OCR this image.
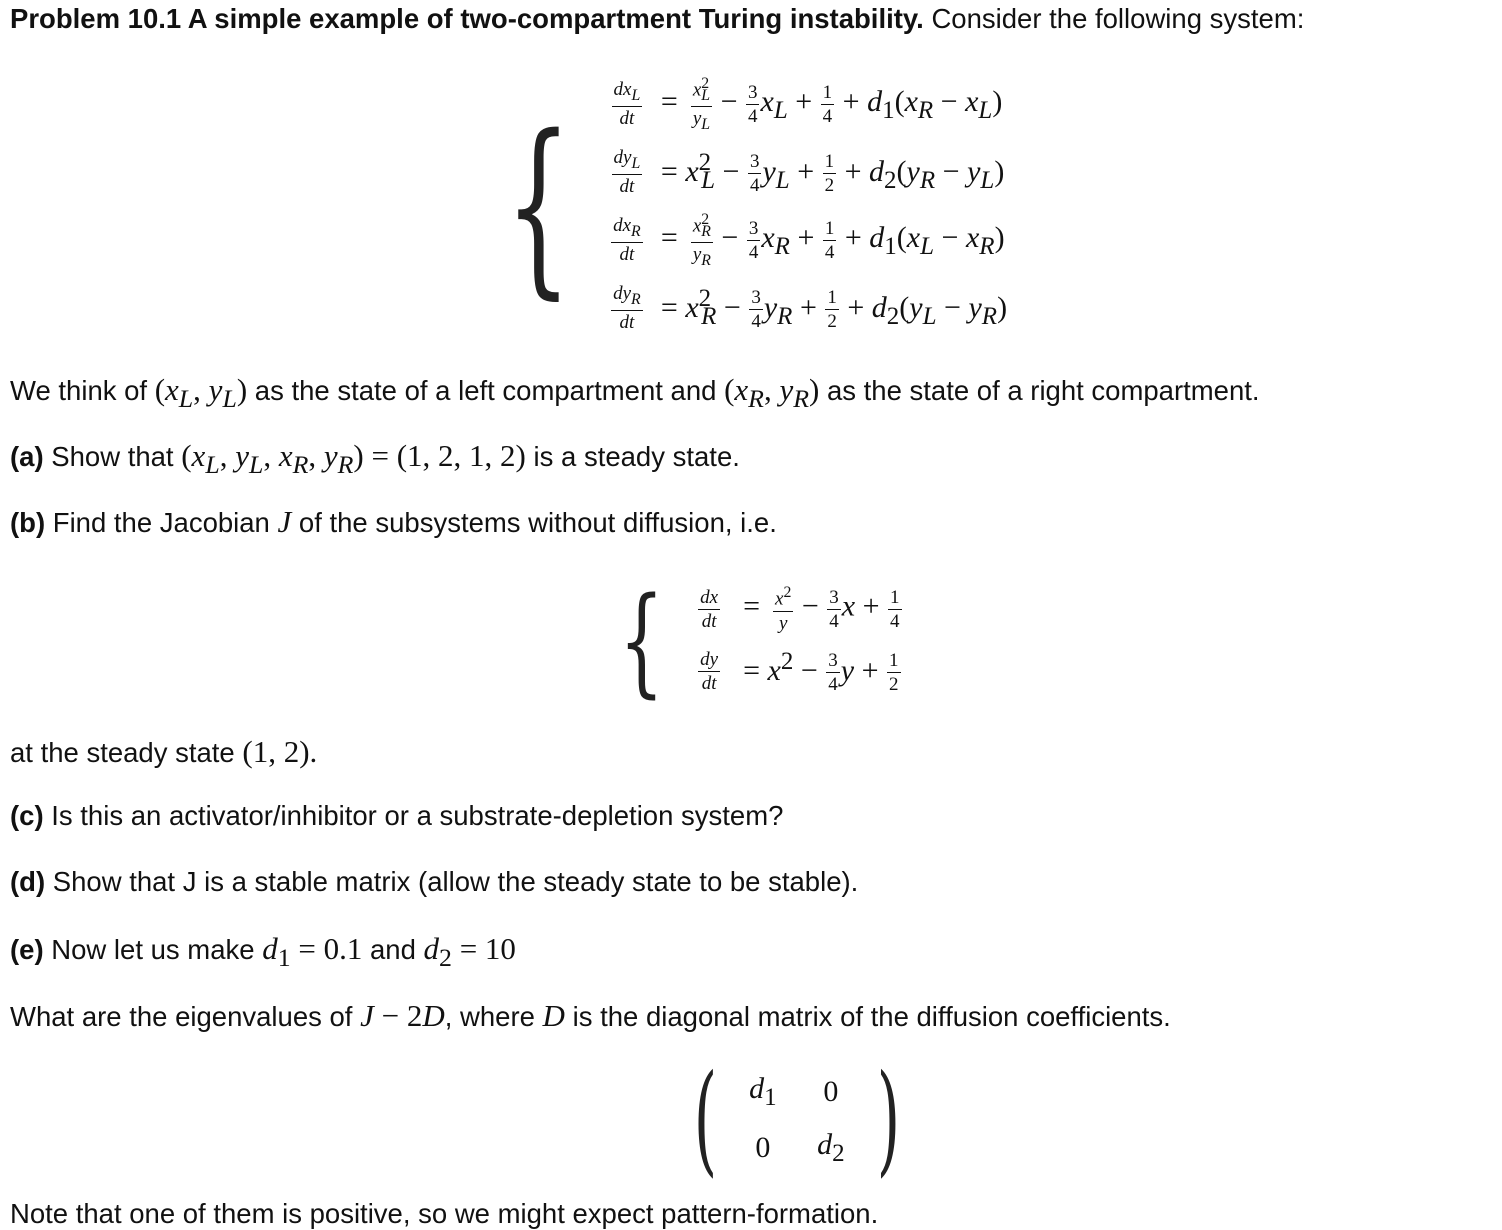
Problem 10.1 A simple example of two-compartment Turing instability. Consider the following system:
{ $\frac{dx_L}{dt} = \frac{x^2_L}{y_L} - \frac{3}{4} x_L + \frac{1}{4} + d_1(x_R - x_L)$
$\frac{dy_L}{dt} = x^2_L - \frac{3}{4} y_L + \frac{1}{2} + d_2(y_R - y_L)$
$\frac{dx_R}{dt} = \frac{x^2_R}{y_R} - \frac{3}{4} x_R + \frac{1}{4} + d_1(x_L - x_R)$
$\frac{dy_R}{dt} = x^2_R - \frac{3}{4} y_R + \frac{1}{2} + d_2(y_L - y_R)$
We think of ($x_L$, $y_L$) as the state of a left compartment and ($x_R$, $y_R$) as the state of a right compartment.
(a) Show that ($x_L$, $y_L$, $x_R$, $y_R) = (1$, 2, 1, 2) is a steady state.
(b) Find the Jacobian J of the subsystems without diffusion, i.e.
{ $\frac{dx}{dt} = \frac{x^2}{y} - \frac{3}{4}$ $x + \frac{1}{4}$
$\frac{dy}{dt} = x^2 - \frac{3}{4}$ $y + \frac{1}{2}$
at the steady state (1, 2).
(c) Is this an activator/inhibitor or a substrate-depletion system?
(d) Show that J is a stable matrix (allow the steady state to be stable).
(e) Now let us make $d_1 = 0.1$ and $d_2 = 10$
What are the eigenvalues of J − 2D, where D is the diagonal matrix of the diffusion coefficients.
(	$d_1$	0
0	$d_2$ )
Note that one of them is positive, so we might expect pattern-formation.
